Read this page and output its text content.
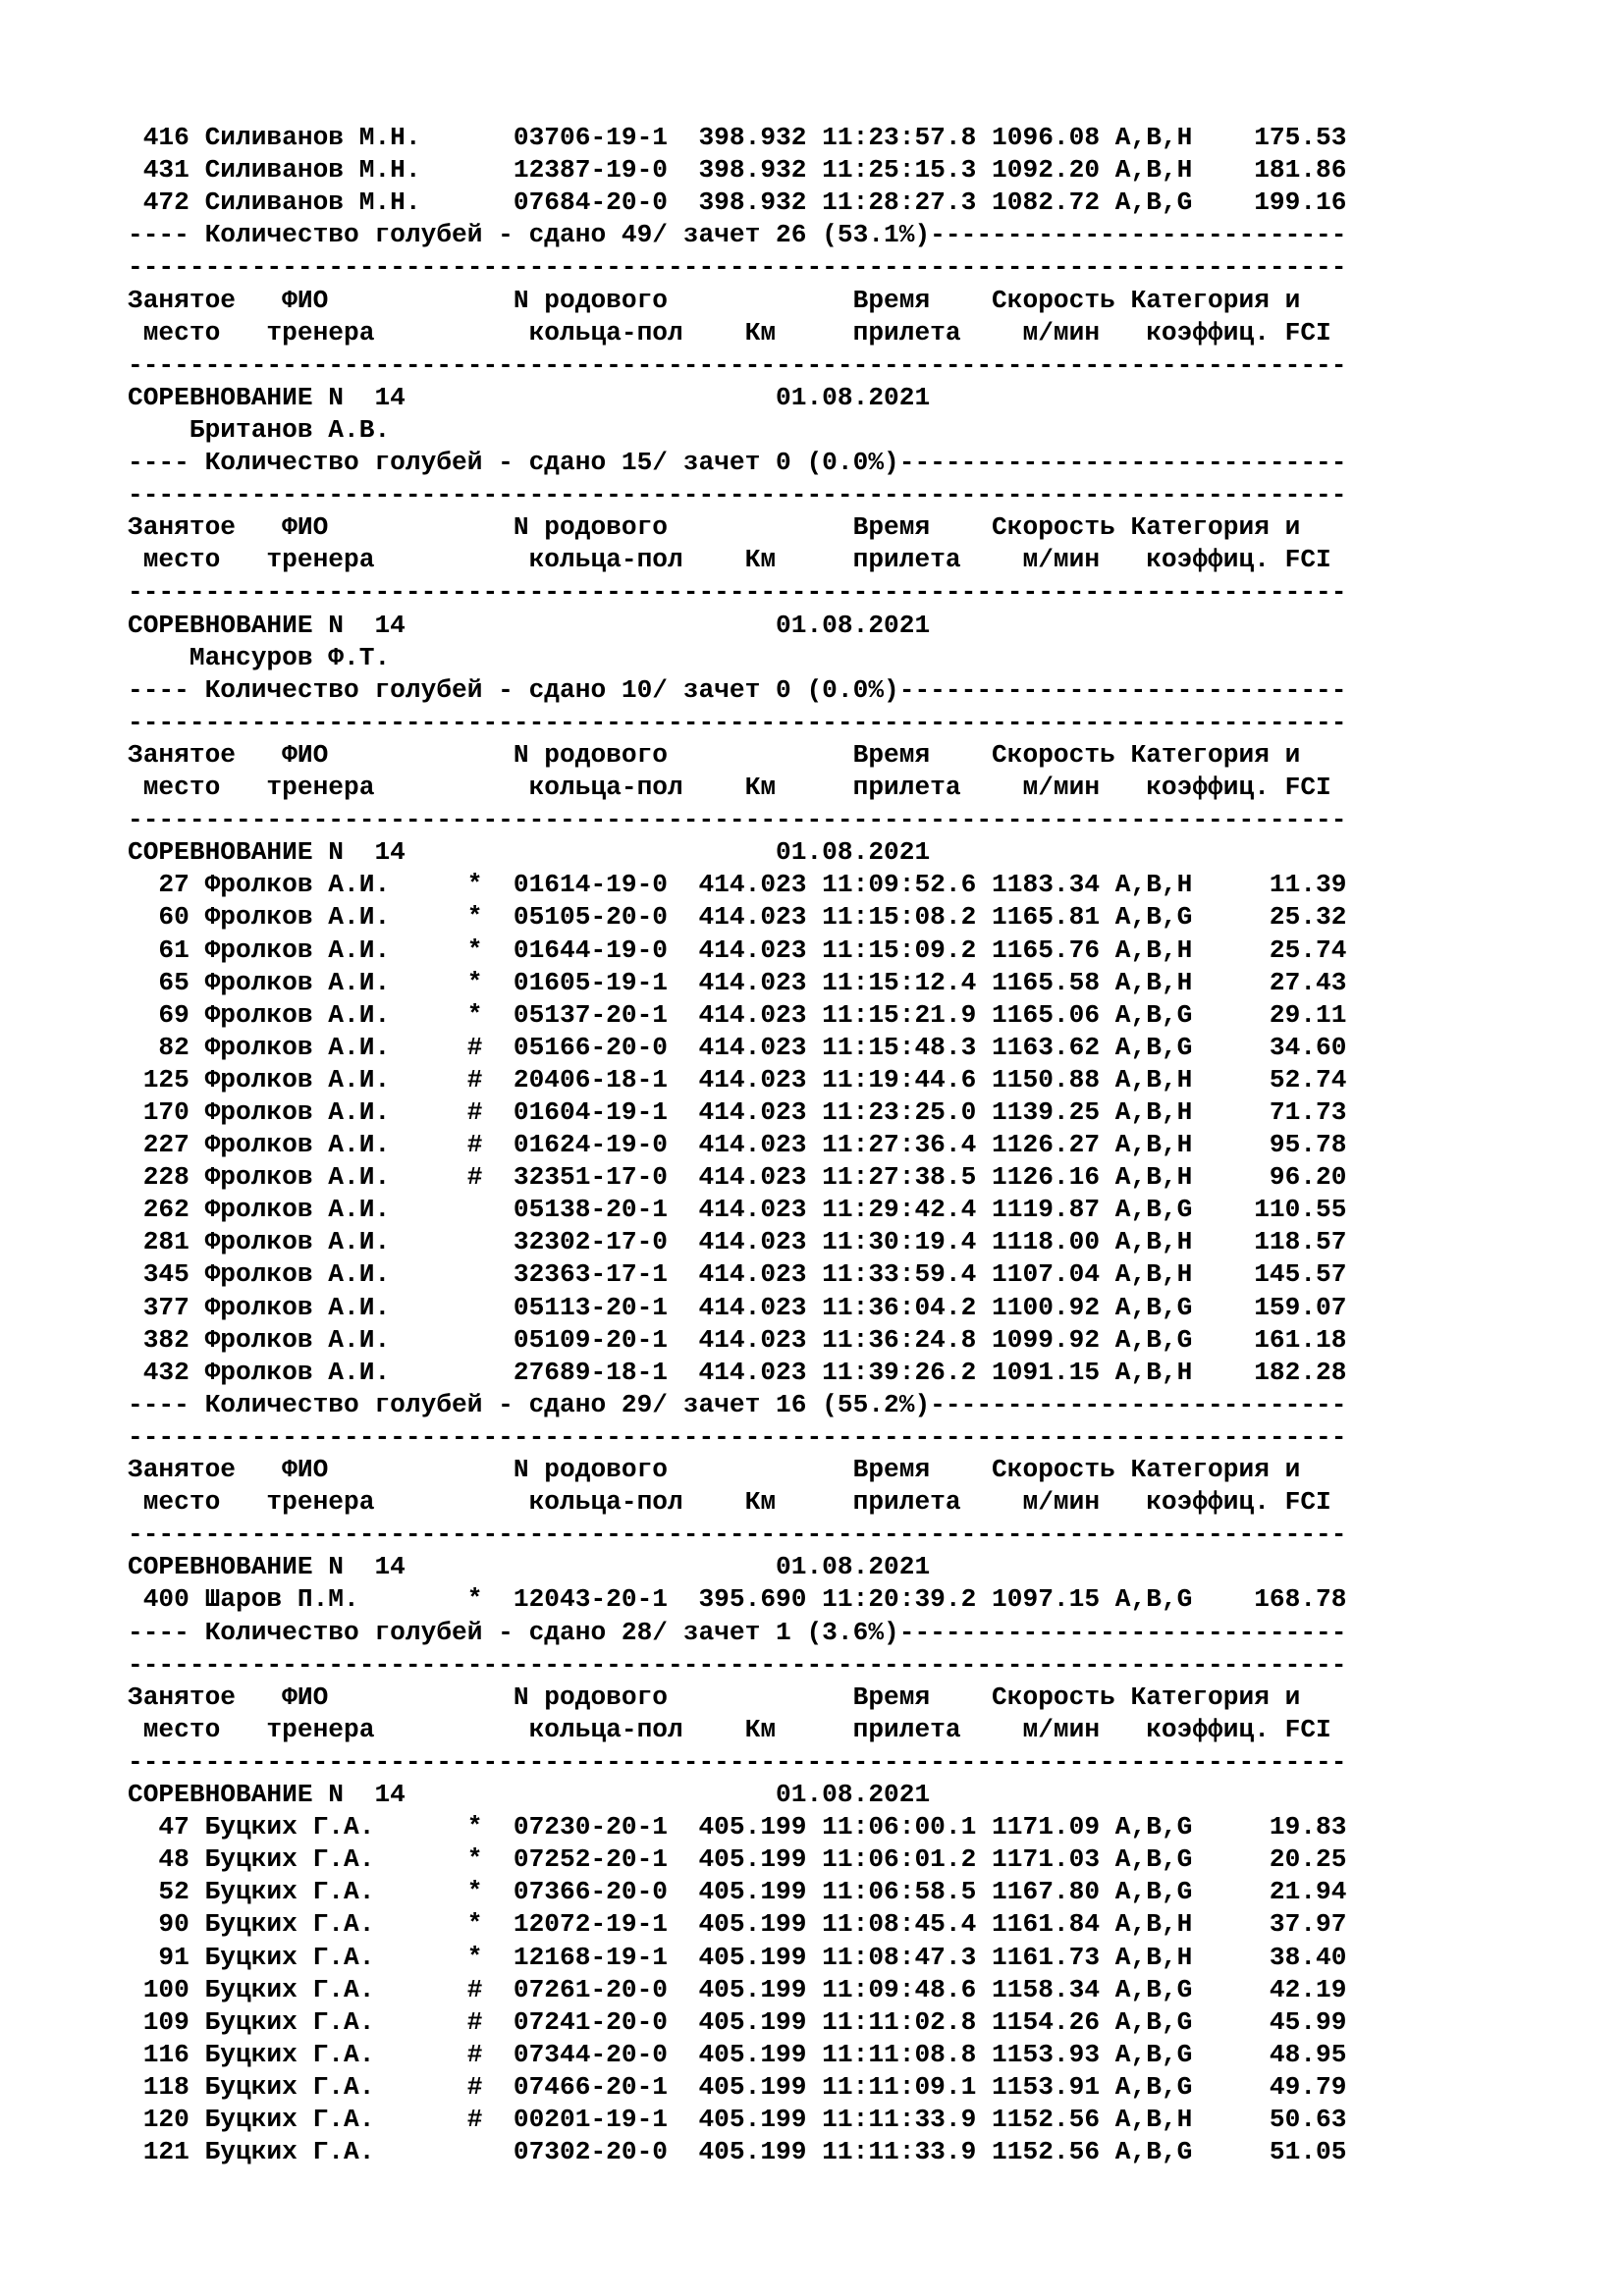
416 Силиванов М.Н.      03706-19-1  398.932 11:23:57.8 1096.08 A,B,H    175.53
431 Силиванов М.Н.      12387-19-0  398.932 11:25:15.3 1092.20 A,B,H    181.86
472 Силиванов М.Н.      07684-20-0  398.932 11:28:27.3 1082.72 A,B,G    199.16
---- Количество голубей - сдано 49/ зачет 26 (53.1%)---------------------------
-------------------------------------------------------------------------------
Занятое   ФИО            N родового            Время    Скорость Категория и
место   тренера          кольца-пол    Км     прилета    м/мин   коэффиц. FCI
-------------------------------------------------------------------------------
СОРЕВНОВАНИЕ N  14                        01.08.2021
Британов А.В.
---- Количество голубей - сдано 15/ зачет 0 (0.0%)-----------------------------
-------------------------------------------------------------------------------
Занятое   ФИО            N родового            Время    Скорость Категория и
место   тренера          кольца-пол    Км     прилета    м/мин   коэффиц. FCI
-------------------------------------------------------------------------------
СОРЕВНОВАНИЕ N  14                        01.08.2021
Мансуров Ф.Т.
---- Количество голубей - сдано 10/ зачет 0 (0.0%)-----------------------------
-------------------------------------------------------------------------------
Занятое   ФИО            N родового            Время    Скорость Категория и
место   тренера          кольца-пол    Км     прилета    м/мин   коэффиц. FCI
-------------------------------------------------------------------------------
СОРЕВНОВАНИЕ N  14                        01.08.2021
27 Фролков А.И.     *  01614-19-0  414.023 11:09:52.6 1183.34 A,B,H     11.39
60 Фролков А.И.     *  05105-20-0  414.023 11:15:08.2 1165.81 A,B,G     25.32
61 Фролков А.И.     *  01644-19-0  414.023 11:15:09.2 1165.76 A,B,H     25.74
65 Фролков А.И.     *  01605-19-1  414.023 11:15:12.4 1165.58 A,B,H     27.43
69 Фролков А.И.     *  05137-20-1  414.023 11:15:21.9 1165.06 A,B,G     29.11
82 Фролков А.И.     #  05166-20-0  414.023 11:15:48.3 1163.62 A,B,G     34.60
125 Фролков А.И.     #  20406-18-1  414.023 11:19:44.6 1150.88 A,B,H     52.74
170 Фролков А.И.     #  01604-19-1  414.023 11:23:25.0 1139.25 A,B,H     71.73
227 Фролков А.И.     #  01624-19-0  414.023 11:27:36.4 1126.27 A,B,H     95.78
228 Фролков А.И.     #  32351-17-0  414.023 11:27:38.5 1126.16 A,B,H     96.20
262 Фролков А.И.        05138-20-1  414.023 11:29:42.4 1119.87 A,B,G    110.55
281 Фролков А.И.        32302-17-0  414.023 11:30:19.4 1118.00 A,B,H    118.57
345 Фролков А.И.        32363-17-1  414.023 11:33:59.4 1107.04 A,B,H    145.57
377 Фролков А.И.        05113-20-1  414.023 11:36:04.2 1100.92 A,B,G    159.07
382 Фролков А.И.        05109-20-1  414.023 11:36:24.8 1099.92 A,B,G    161.18
432 Фролков А.И.        27689-18-1  414.023 11:39:26.2 1091.15 A,B,H    182.28
---- Количество голубей - сдано 29/ зачет 16 (55.2%)---------------------------
-------------------------------------------------------------------------------
Занятое   ФИО            N родового            Время    Скорость Категория и
место   тренера          кольца-пол    Км     прилета    м/мин   коэффиц. FCI
-------------------------------------------------------------------------------
СОРЕВНОВАНИЕ N  14                        01.08.2021
400 Шаров П.М.       *  12043-20-1  395.690 11:20:39.2 1097.15 A,B,G    168.78
---- Количество голубей - сдано 28/ зачет 1 (3.6%)-----------------------------
-------------------------------------------------------------------------------
Занятое   ФИО            N родового            Время    Скорость Категория и
место   тренера          кольца-пол    Км     прилета    м/мин   коэффиц. FCI
-------------------------------------------------------------------------------
СОРЕВНОВАНИЕ N  14                        01.08.2021
47 Буцких Г.А.      *  07230-20-1  405.199 11:06:00.1 1171.09 A,B,G     19.83
48 Буцких Г.А.      *  07252-20-1  405.199 11:06:01.2 1171.03 A,B,G     20.25
52 Буцких Г.А.      *  07366-20-0  405.199 11:06:58.5 1167.80 A,B,G     21.94
90 Буцких Г.А.      *  12072-19-1  405.199 11:08:45.4 1161.84 A,B,H     37.97
91 Буцких Г.А.      *  12168-19-1  405.199 11:08:47.3 1161.73 A,B,H     38.40
100 Буцких Г.А.      #  07261-20-0  405.199 11:09:48.6 1158.34 A,B,G     42.19
109 Буцких Г.А.      #  07241-20-0  405.199 11:11:02.8 1154.26 A,B,G     45.99
116 Буцких Г.А.      #  07344-20-0  405.199 11:11:08.8 1153.93 A,B,G     48.95
118 Буцких Г.А.      #  07466-20-1  405.199 11:11:09.1 1153.91 A,B,G     49.79
120 Буцких Г.А.      #  00201-19-1  405.199 11:11:33.9 1152.56 A,B,H     50.63
121 Буцких Г.А.         07302-20-0  405.199 11:11:33.9 1152.56 A,B,G     51.05
